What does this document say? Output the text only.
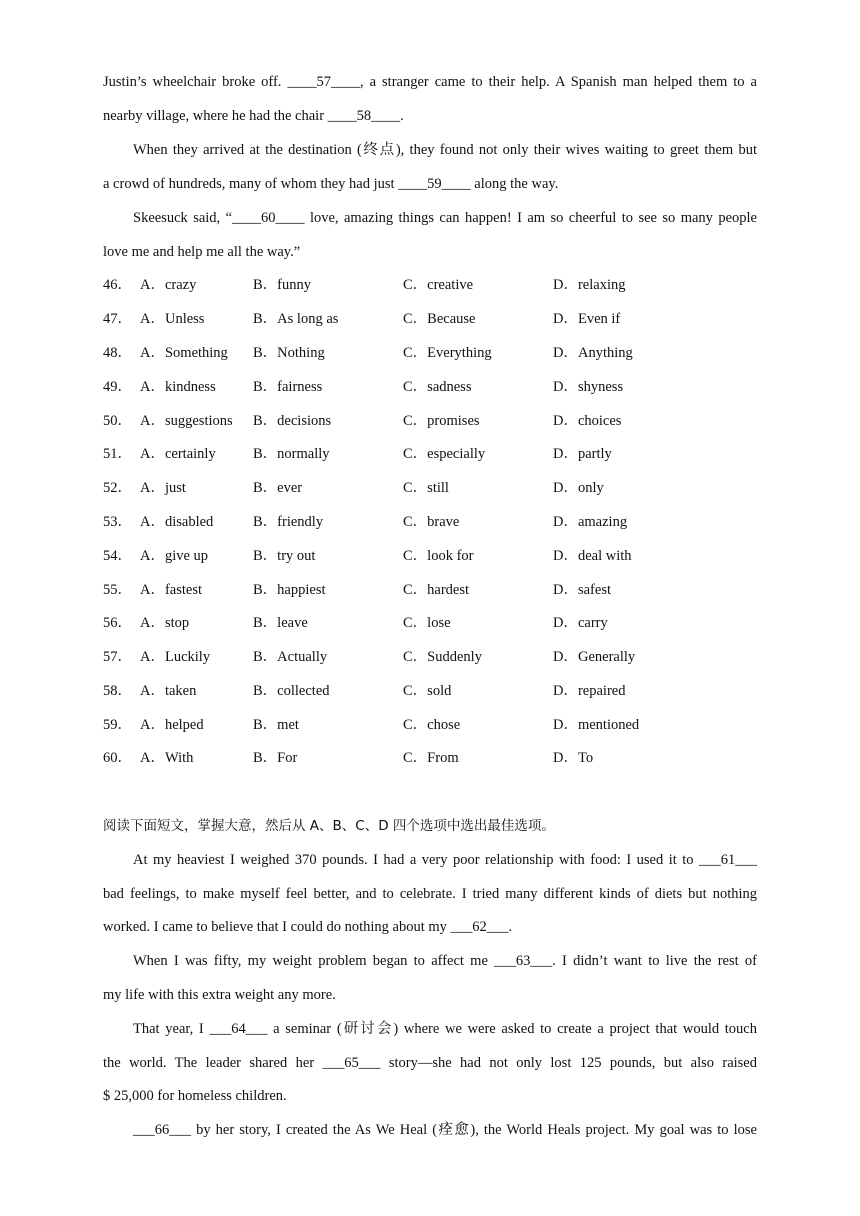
Justin’s wheelchair broke off. ____57____, a stranger came to their help. A Spanish man helped them to a
nearby village, where he had the chair ____58____.
When they arrived at the destination (终点), they found not only their wives waiting to greet them but
a crowd of hundreds, many of whom they had just ____59____ along the way.
Skeesuck said, “____60____ love, amazing things can happen! I am so cheerful to see so many people
love me and help me all the way.”
46． A．crazy	B．funny	C．creative	D．relaxing
47． A．Unless	B．As long as	C．Because	D．Even if
48． A．Something B．Nothing	C．Everything	D．Anything
49． A．kindness	B．fairness	C．sadness	D．shyness
50． A．suggestions B．decisions	C．promises	D．choices
51． A．certainly	B．normally	C．especially	D．partly
52． A．just	B．ever	C．still	D．only
53． A．disabled	B．friendly	C．brave	D．amazing
54． A．give up	B．try out	C．look for	D．deal with
55． A．fastest	B．happiest	C．hardest	D．safest
56． A．stop	B．leave	C．lose	D．carry
57． A．Luckily	B．Actually	C．Suddenly	D．Generally
58． A．taken	B．collected	C．sold	D．repaired
59． A．helped	B．met	C．chose	D．mentioned
60． A．With	B．For	C．From	D．To
阅读下面短文，掌握大意，然后从 A、B、C、D 四个选项中选出最佳选项。
At my heaviest I weighed 370 pounds. I had a very poor relationship with food: I used it to ___61___
bad feelings, to make myself feel better, and to celebrate. I tried many different kinds of diets but nothing
worked. I came to believe that I could do nothing about my ___62___.
When I was fifty, my weight problem began to affect me ___63___. I didn’t want to live the rest of
my life with this extra weight any more.
That year, I ___64___ a seminar (研讨会) where we were asked to create a project that would touch
the world. The leader shared her ___65___ story—she had not only lost 125 pounds, but also raised
$ 25,000 for homeless children.
___66___ by her story, I created the As We Heal (痊愈), the World Heals project. My goal was to lose
